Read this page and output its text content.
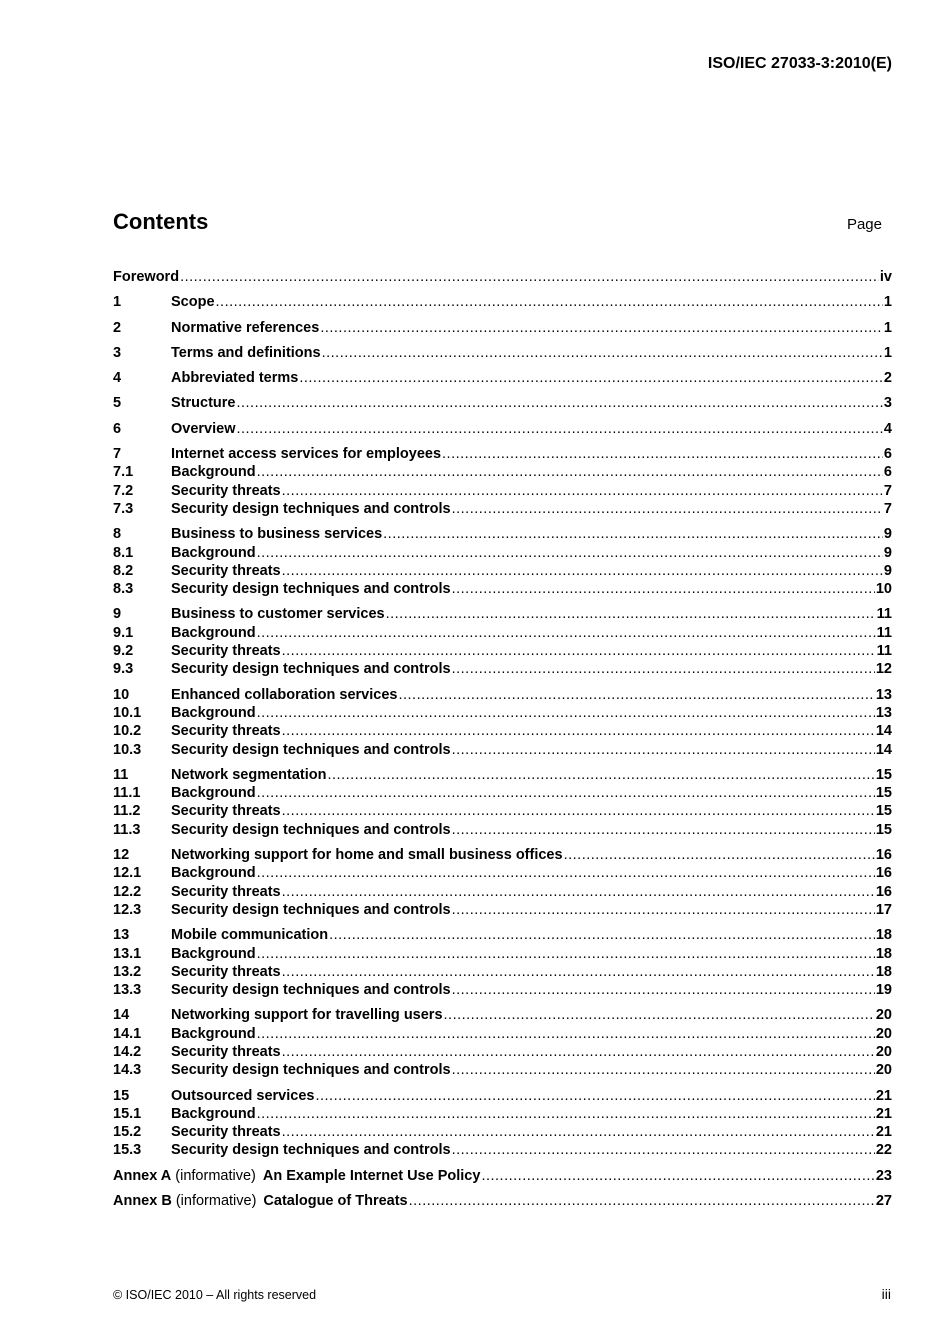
ISO/IEC 27033-3:2010(E)
Contents	Page
Foreword .....	iv
1	Scope .....	1
2	Normative references .....	1
3	Terms and definitions .....	1
4	Abbreviated terms .....	2
5	Structure .....	3
6	Overview .....	4
7	Internet access services for employees .....	6
7.1	Background .....	6
7.2	Security threats .....	7
7.3	Security design techniques and controls .....	7
8	Business to business services .....	9
8.1	Background .....	9
8.2	Security threats .....	9
8.3	Security design techniques and controls .....	10
9	Business to customer services .....	11
9.1	Background .....	11
9.2	Security threats .....	11
9.3	Security design techniques and controls .....	12
10	Enhanced collaboration services .....	13
10.1	Background .....	13
10.2	Security threats .....	14
10.3	Security design techniques and controls .....	14
11	Network segmentation .....	15
11.1	Background .....	15
11.2	Security threats .....	15
11.3	Security design techniques and controls .....	15
12	Networking support for home and small business offices .....	16
12.1	Background .....	16
12.2	Security threats .....	16
12.3	Security design techniques and controls .....	17
13	Mobile communication .....	18
13.1	Background .....	18
13.2	Security threats .....	18
13.3	Security design techniques and controls .....	19
14	Networking support for travelling users .....	20
14.1	Background .....	20
14.2	Security threats .....	20
14.3	Security design techniques and controls .....	20
15	Outsourced services .....	21
15.1	Background .....	21
15.2	Security threats .....	21
15.3	Security design techniques and controls .....	22
Annex A (informative) An Example Internet Use Policy .....	23
Annex B (informative) Catalogue of Threats .....	27
© ISO/IEC 2010 – All rights reserved	iii
